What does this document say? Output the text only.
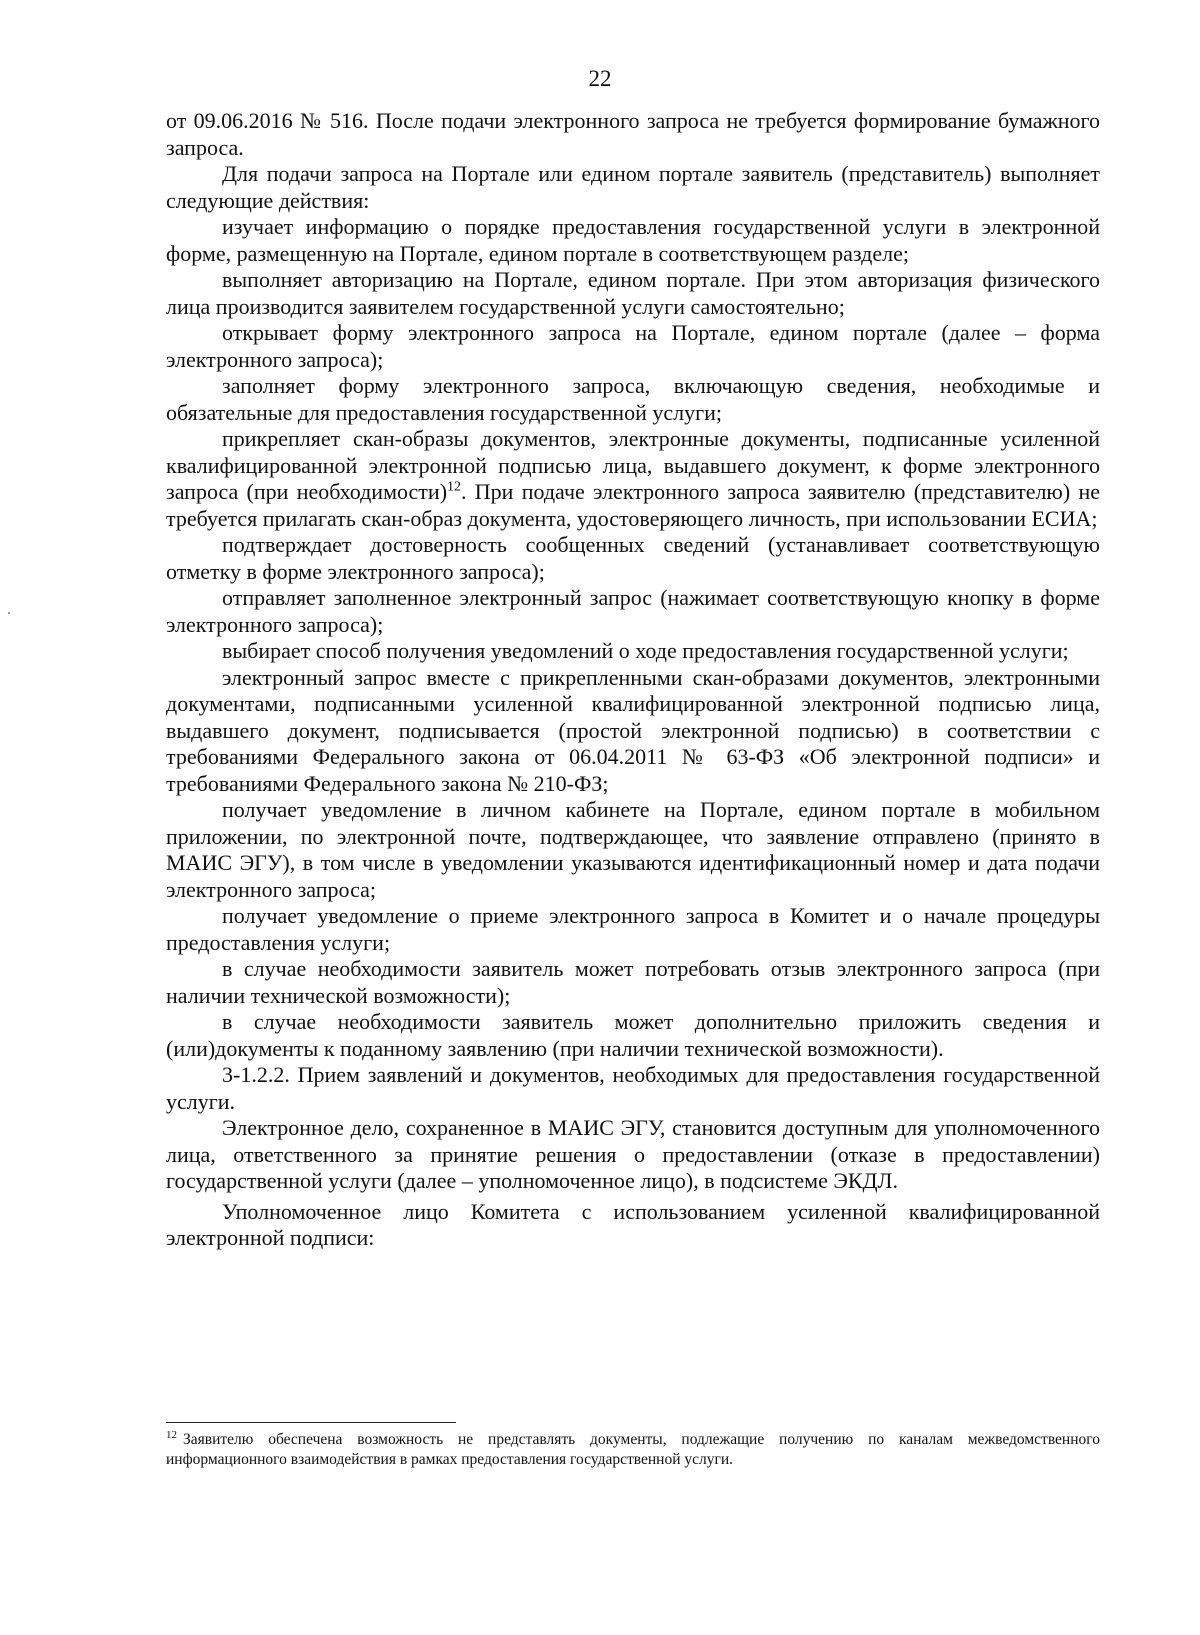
22

от 09.06.2016 № 516. После подачи электронного запроса не требуется формирование бумажного запроса.

Для подачи запроса на Портале или едином портале заявитель (представитель) выполняет следующие действия:

изучает информацию о порядке предоставления государственной услуги в электронной форме, размещенную на Портале, едином портале в соответствующем разделе;

выполняет авторизацию на Портале, едином портале. При этом авторизация физического лица производится заявителем государственной услуги самостоятельно;

открывает форму электронного запроса на Портале, едином портале (далее – форма электронного запроса);

заполняет форму электронного запроса, включающую сведения, необходимые и обязательные для предоставления государственной услуги;

прикрепляет скан-образы документов, электронные документы, подписанные усиленной квалифицированной электронной подписью лица, выдавшего документ, к форме электронного запроса (при необходимости)$^{12}$. При подаче электронного запроса заявителю (представителю) не требуется прилагать скан-образ документа, удостоверяющего личность, при использовании ЕСИА;

подтверждает достоверность сообщенных сведений (устанавливает соответствующую отметку в форме электронного запроса);

отправляет заполненное электронный запрос (нажимает соответствующую кнопку в форме электронного запроса);

выбирает способ получения уведомлений о ходе предоставления государственной услуги;

электронный запрос вместе с прикрепленными скан-образами документов, электронными документами, подписанными усиленной квалифицированной электронной подписью лица, выдавшего документ, подписывается (простой электронной подписью) в соответствии с требованиями Федерального закона от 06.04.2011 № 63-ФЗ «Об электронной подписи» и требованиями Федерального закона № 210-ФЗ;

получает уведомление в личном кабинете на Портале, едином портале в мобильном приложении, по электронной почте, подтверждающее, что заявление отправлено (принято в МАИС ЭГУ), в том числе в уведомлении указываются идентификационный номер и дата подачи электронного запроса;

получает уведомление о приеме электронного запроса в Комитет и о начале процедуры предоставления услуги;

в случае необходимости заявитель может потребовать отзыв электронного запроса (при наличии технической возможности);

в случае необходимости заявитель может дополнительно приложить сведения и (или)документы к поданному заявлению (при наличии технической возможности).

3-1.2.2. Прием заявлений и документов, необходимых для предоставления государственной услуги.

Электронное дело, сохраненное в МАИС ЭГУ, становится доступным для уполномоченного лица, ответственного за принятие решения о предоставлении (отказе в предоставлении) государственной услуги (далее – уполномоченное лицо), в подсистеме ЭКДЛ.

Уполномоченное лицо Комитета с использованием усиленной квалифицированной электронной подписи:

$^{12}$ Заявителю обеспечена возможность не представлять документы, подлежащие получению по каналам межведомственного информационного взаимодействия в рамках предоставления государственной услуги.
